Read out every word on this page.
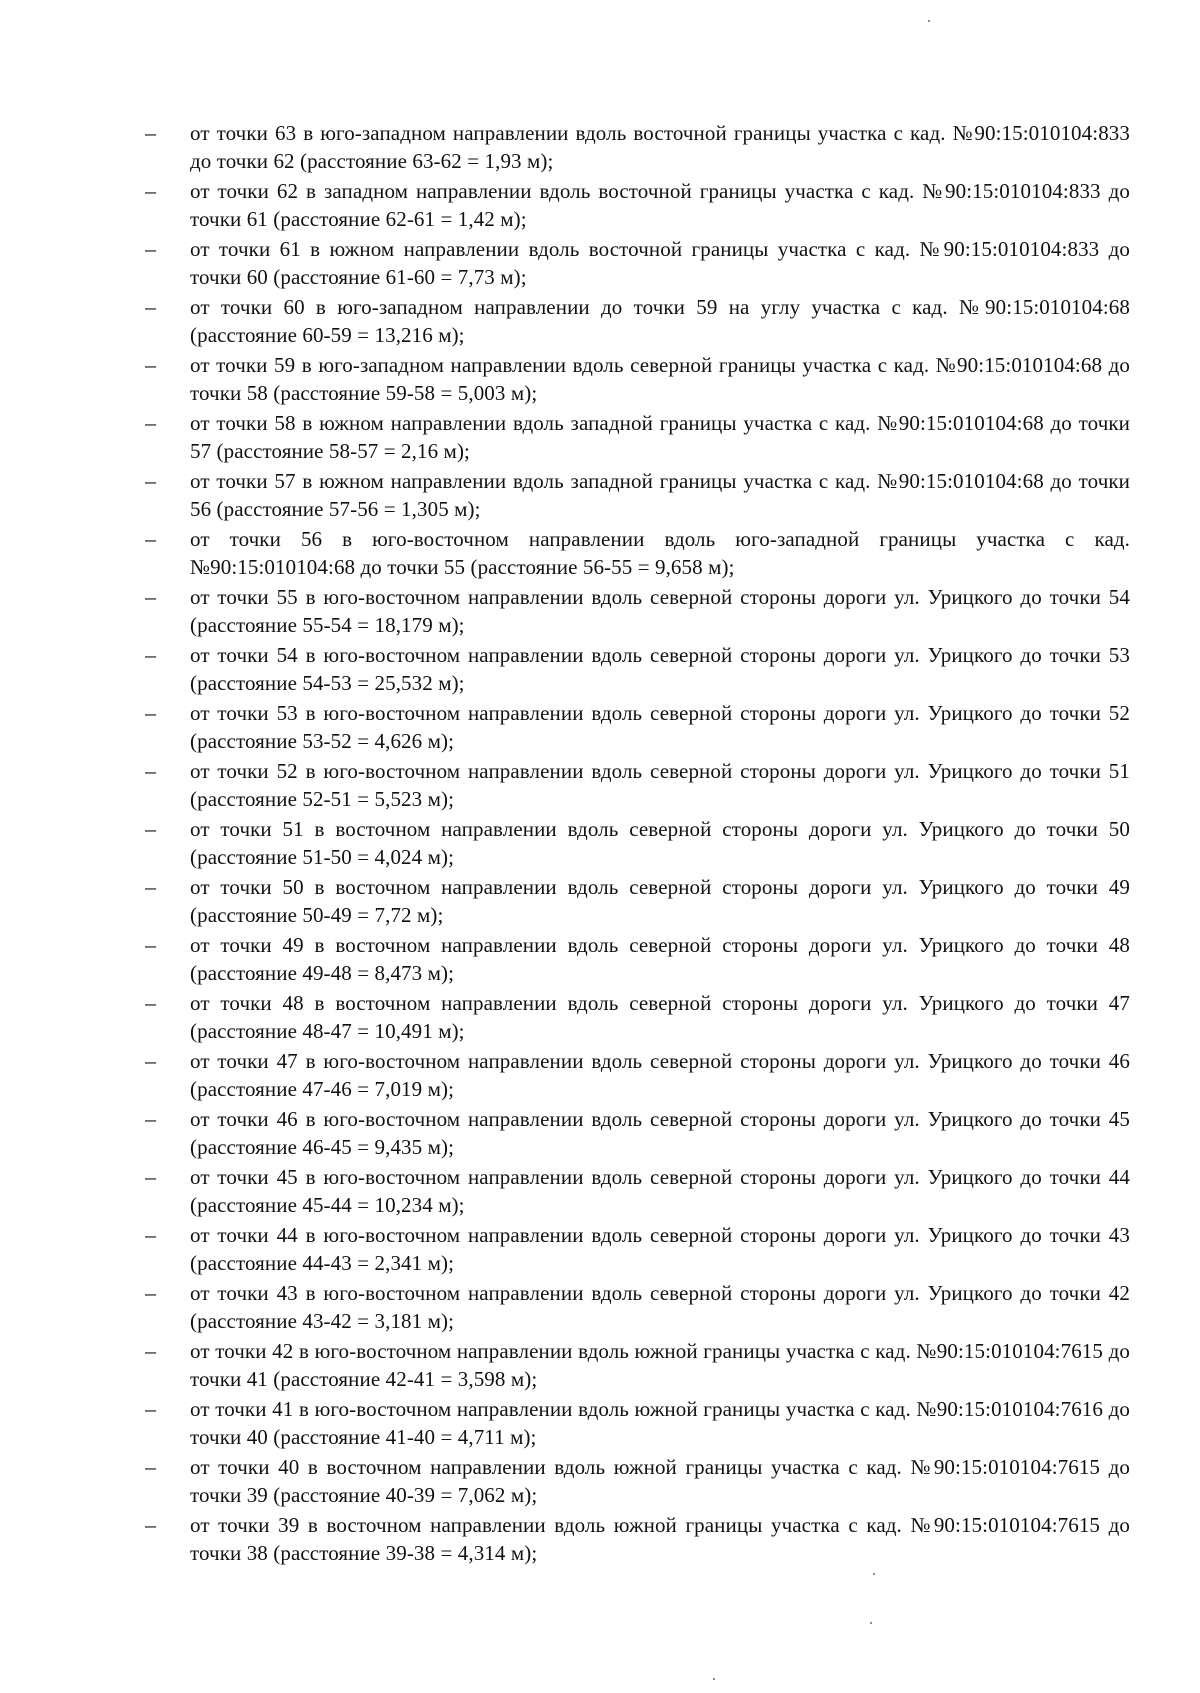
–	от точки 63 в юго-западном направлении вдоль восточной границы участка с кад. №90:15:010104:833 до точки 62 (расстояние 63-62 = 1,93 м);
–	от точки 62 в западном направлении вдоль восточной границы участка с кад. №90:15:010104:833 до точки 61 (расстояние 62-61 = 1,42 м);
–	от точки 61 в южном направлении вдоль восточной границы участка с кад. №90:15:010104:833 до точки 60 (расстояние 61-60 = 7,73 м);
–	от точки 60 в юго-западном направлении до точки 59 на углу участка с кад. №90:15:010104:68 (расстояние 60-59 = 13,216 м);
–	от точки 59 в юго-западном направлении вдоль северной границы участка с кад. №90:15:010104:68 до точки 58 (расстояние 59-58 = 5,003 м);
–	от точки 58 в южном направлении вдоль западной границы участка с кад. №90:15:010104:68 до точки 57 (расстояние 58-57 = 2,16 м);
–	от точки 57 в южном направлении вдоль западной границы участка с кад. №90:15:010104:68 до точки 56 (расстояние 57-56 = 1,305 м);
–	от точки 56 в юго-восточном направлении вдоль юго-западной границы участка с кад. №90:15:010104:68 до точки 55 (расстояние 56-55 = 9,658 м);
–	от точки 55 в юго-восточном направлении вдоль северной стороны дороги ул. Урицкого до точки 54 (расстояние 55-54 = 18,179 м);
–	от точки 54 в юго-восточном направлении вдоль северной стороны дороги ул. Урицкого до точки 53 (расстояние 54-53 = 25,532 м);
–	от точки 53 в юго-восточном направлении вдоль северной стороны дороги ул. Урицкого до точки 52 (расстояние 53-52 = 4,626 м);
–	от точки 52 в юго-восточном направлении вдоль северной стороны дороги ул. Урицкого до точки 51 (расстояние 52-51 = 5,523 м);
–	от точки 51 в восточном направлении вдоль северной стороны дороги ул. Урицкого до точки 50 (расстояние 51-50 = 4,024 м);
–	от точки 50 в восточном направлении вдоль северной стороны дороги ул. Урицкого до точки 49 (расстояние 50-49 = 7,72 м);
–	от точки 49 в восточном направлении вдоль северной стороны дороги ул. Урицкого до точки 48 (расстояние 49-48 = 8,473 м);
–	от точки 48 в восточном направлении вдоль северной стороны дороги ул. Урицкого до точки 47 (расстояние 48-47 = 10,491 м);
–	от точки 47 в юго-восточном направлении вдоль северной стороны дороги ул. Урицкого до точки 46 (расстояние 47-46 = 7,019 м);
–	от точки 46 в юго-восточном направлении вдоль северной стороны дороги ул. Урицкого до точки 45 (расстояние 46-45 = 9,435 м);
–	от точки 45 в юго-восточном направлении вдоль северной стороны дороги ул. Урицкого до точки 44 (расстояние 45-44 = 10,234 м);
–	от точки 44 в юго-восточном направлении вдоль северной стороны дороги ул. Урицкого до точки 43 (расстояние 44-43 = 2,341 м);
–	от точки 43 в юго-восточном направлении вдоль северной стороны дороги ул. Урицкого до точки 42 (расстояние 43-42 = 3,181 м);
–	от точки 42 в юго-восточном направлении вдоль южной границы участка с кад. №90:15:010104:7615 до точки 41 (расстояние 42-41 = 3,598 м);
–	от точки 41 в юго-восточном направлении вдоль южной границы участка с кад. №90:15:010104:7616 до точки 40 (расстояние 41-40 = 4,711 м);
–	от точки 40 в восточном направлении вдоль южной границы участка с кад. №90:15:010104:7615 до точки 39 (расстояние 40-39 = 7,062 м);
–	от точки 39 в восточном направлении вдоль южной границы участка с кад. №90:15:010104:7615 до точки 38 (расстояние 39-38 = 4,314 м);
